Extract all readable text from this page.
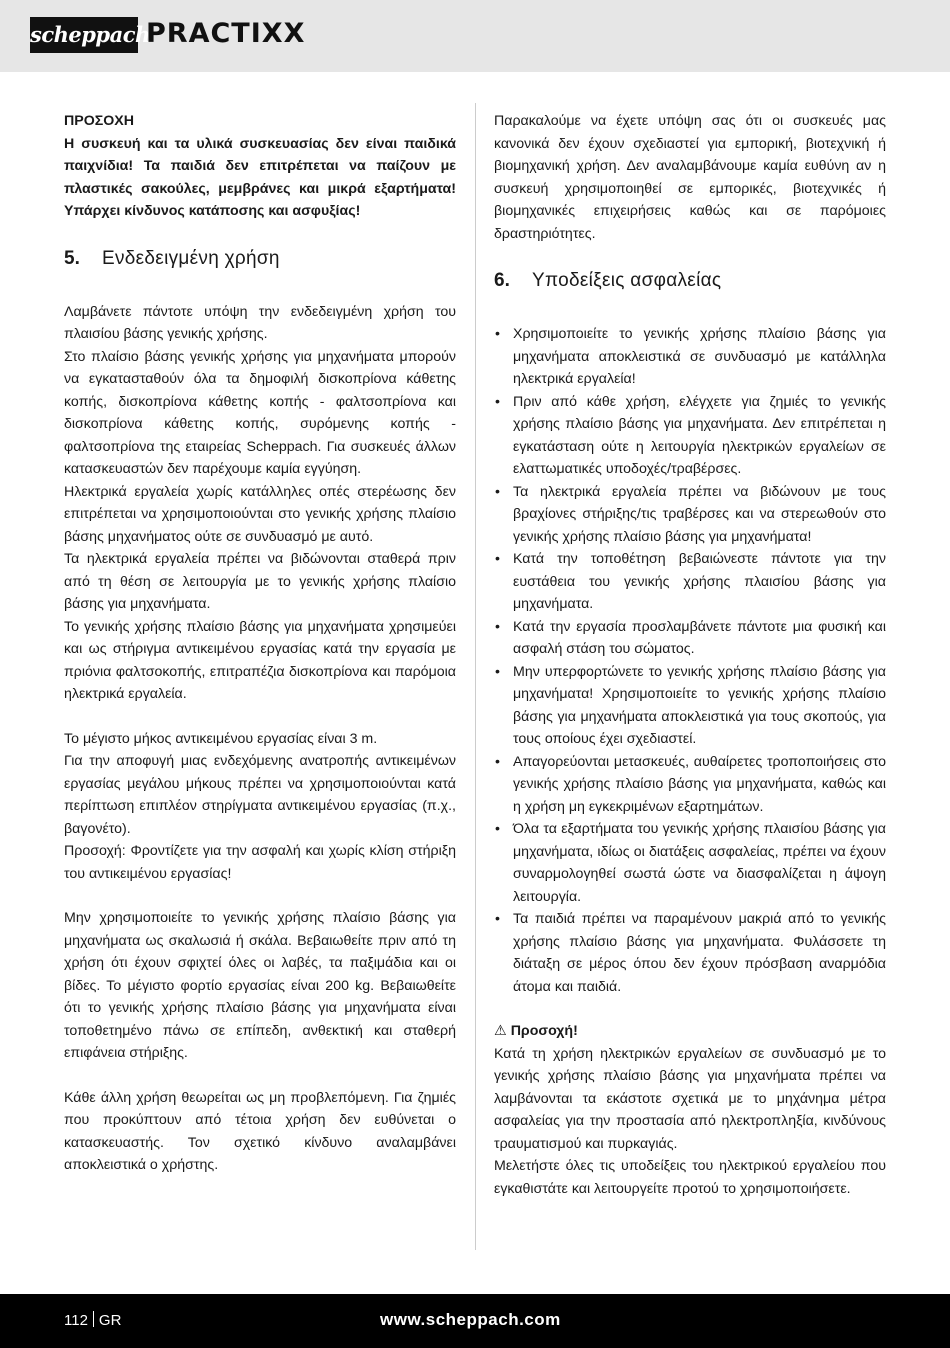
scheppach
PRACTIXX

ΠΡΟΣΟΧΗ

Η συσκευή και τα υλικά συσκευασίας δεν είναι παιδικά παιχνίδια! Τα παιδιά δεν επιτρέπεται να παίζουν με πλαστικές σακούλες, μεμβράνες και μικρά εξαρτήματα! Υπάρχει κίνδυνος κατάποσης και ασφυξίας!

5.	Ενδεδειγμένη χρήση

Λαμβάνετε πάντοτε υπόψη την ενδεδειγμένη χρήση του πλαισίου βάσης γενικής χρήσης.

Στο πλαίσιο βάσης γενικής χρήσης για μηχανήματα μπορούν να εγκατασταθούν όλα τα δημοφιλή δισκοπρίονα κάθετης κοπής, δισκοπρίονα κάθετης κοπής - φαλτσοπρίονα και δισκοπρίονα κάθετης κοπής, συρόμενης κοπής - φαλτσοπρίονα της εταιρείας Scheppach. Για συσκευές άλλων κατασκευαστών δεν παρέχουμε καμία εγγύηση.

Ηλεκτρικά εργαλεία χωρίς κατάλληλες οπές στερέωσης δεν επιτρέπεται να χρησιμοποιούνται στο γενικής χρήσης πλαίσιο βάσης μηχανήματος ούτε σε συνδυασμό με αυτό.

Τα ηλεκτρικά εργαλεία πρέπει να βιδώνονται σταθερά πριν από τη θέση σε λειτουργία με το γενικής χρήσης πλαίσιο βάσης για μηχανήματα.

Το γενικής χρήσης πλαίσιο βάσης για μηχανήματα χρησιμεύει και ως στήριγμα αντικειμένου εργασίας κατά την εργασία με πριόνια φαλτσοκοπής, επιτραπέζια δισκοπρίονα και παρόμοια ηλεκτρικά εργαλεία.

Το μέγιστο μήκος αντικειμένου εργασίας είναι 3 m.

Για την αποφυγή μιας ενδεχόμενης ανατροπής αντικειμένων εργασίας μεγάλου μήκους πρέπει να χρησιμοποιούνται κατά περίπτωση επιπλέον στηρίγματα αντικειμένου εργασίας (π.χ., βαγονέτο).

Προσοχή: Φροντίζετε για την ασφαλή και χωρίς κλίση στήριξη του αντικειμένου εργασίας!

Μην χρησιμοποιείτε το γενικής χρήσης πλαίσιο βάσης για μηχανήματα ως σκαλωσιά ή σκάλα. Βεβαιωθείτε πριν από τη χρήση ότι έχουν σφιχτεί όλες οι λαβές, τα παξιμάδια και οι βίδες. Το μέγιστο φορτίο εργασίας είναι 200 kg. Βεβαιωθείτε ότι το γενικής χρήσης πλαίσιο βάσης για μηχανήματα είναι τοποθετημένο πάνω σε επίπεδη, ανθεκτική και σταθερή επιφάνεια στήριξης.

Κάθε άλλη χρήση θεωρείται ως μη προβλεπόμενη. Για ζημιές που προκύπτουν από τέτοια χρήση δεν ευθύνεται ο κατασκευαστής. Τον σχετικό κίνδυνο αναλαμβάνει αποκλειστικά ο χρήστης.

Παρακαλούμε να έχετε υπόψη σας ότι οι συσκευές μας κανονικά δεν έχουν σχεδιαστεί για εμπορική, βιοτεχνική ή βιομηχανική χρήση. Δεν αναλαμβάνουμε καμία ευθύνη αν η συσκευή χρησιμοποιηθεί σε εμπορικές, βιοτεχνικές ή βιομηχανικές επιχειρήσεις καθώς και σε παρόμοιες δραστηριότητες.

6.	Υποδείξεις ασφαλείας
• Χρησιμοποιείτε το γενικής χρήσης πλαίσιο βάσης για μηχανήματα αποκλειστικά σε συνδυασμό με κατάλληλα ηλεκτρικά εργαλεία!
• Πριν από κάθε χρήση, ελέγχετε για ζημιές το γενικής χρήσης πλαίσιο βάσης για μηχανήματα. Δεν επιτρέπεται η εγκατάσταση ούτε η λειτουργία ηλεκτρικών εργαλείων σε ελαττωματικές υποδοχές/τραβέρσες.
• Τα ηλεκτρικά εργαλεία πρέπει να βιδώνουν με τους βραχίονες στήριξης/τις τραβέρσες και να στερεωθούν στο γενικής χρήσης πλαίσιο βάσης για μηχανήματα!
• Κατά την τοποθέτηση βεβαιώνεστε πάντοτε για την ευστάθεια του γενικής χρήσης πλαισίου βάσης για μηχανήματα.
• Κατά την εργασία προσλαμβάνετε πάντοτε μια φυσική και ασφαλή στάση του σώματος.
• Μην υπερφορτώνετε το γενικής χρήσης πλαίσιο βάσης για μηχανήματα! Χρησιμοποιείτε το γενικής χρήσης πλαίσιο βάσης για μηχανήματα αποκλειστικά για τους σκοπούς, για τους οποίους έχει σχεδιαστεί.
• Απαγορεύονται μετασκευές, αυθαίρετες τροποποιήσεις στο γενικής χρήσης πλαίσιο βάσης για μηχανήματα, καθώς και η χρήση μη εγκεκριμένων εξαρτημάτων.
• Όλα τα εξαρτήματα του γενικής χρήσης πλαισίου βάσης για μηχανήματα, ιδίως οι διατάξεις ασφαλείας, πρέπει να έχουν συναρμολογηθεί σωστά ώστε να διασφαλίζεται η άψογη λειτουργία.
• Τα παιδιά πρέπει να παραμένουν μακριά από το γενικής χρήσης πλαίσιο βάσης για μηχανήματα. Φυλάσσετε τη διάταξη σε μέρος όπου δεν έχουν πρόσβαση αναρμόδια άτομα και παιδιά.

⚠ Προσοχή!

Κατά τη χρήση ηλεκτρικών εργαλείων σε συνδυασμό με το γενικής χρήσης πλαίσιο βάσης για μηχανήματα πρέπει να λαμβάνονται τα εκάστοτε σχετικά με το μηχάνημα μέτρα ασφαλείας για την προστασία από ηλεκτροπληξία, κινδύνους τραυματισμού και πυρκαγιάς.

Μελετήστε όλες τις υποδείξεις του ηλεκτρικού εργαλείου που εγκαθιστάτε και λειτουργείτε προτού το χρησιμοποιήσετε.

112 GR	www.scheppach.com
